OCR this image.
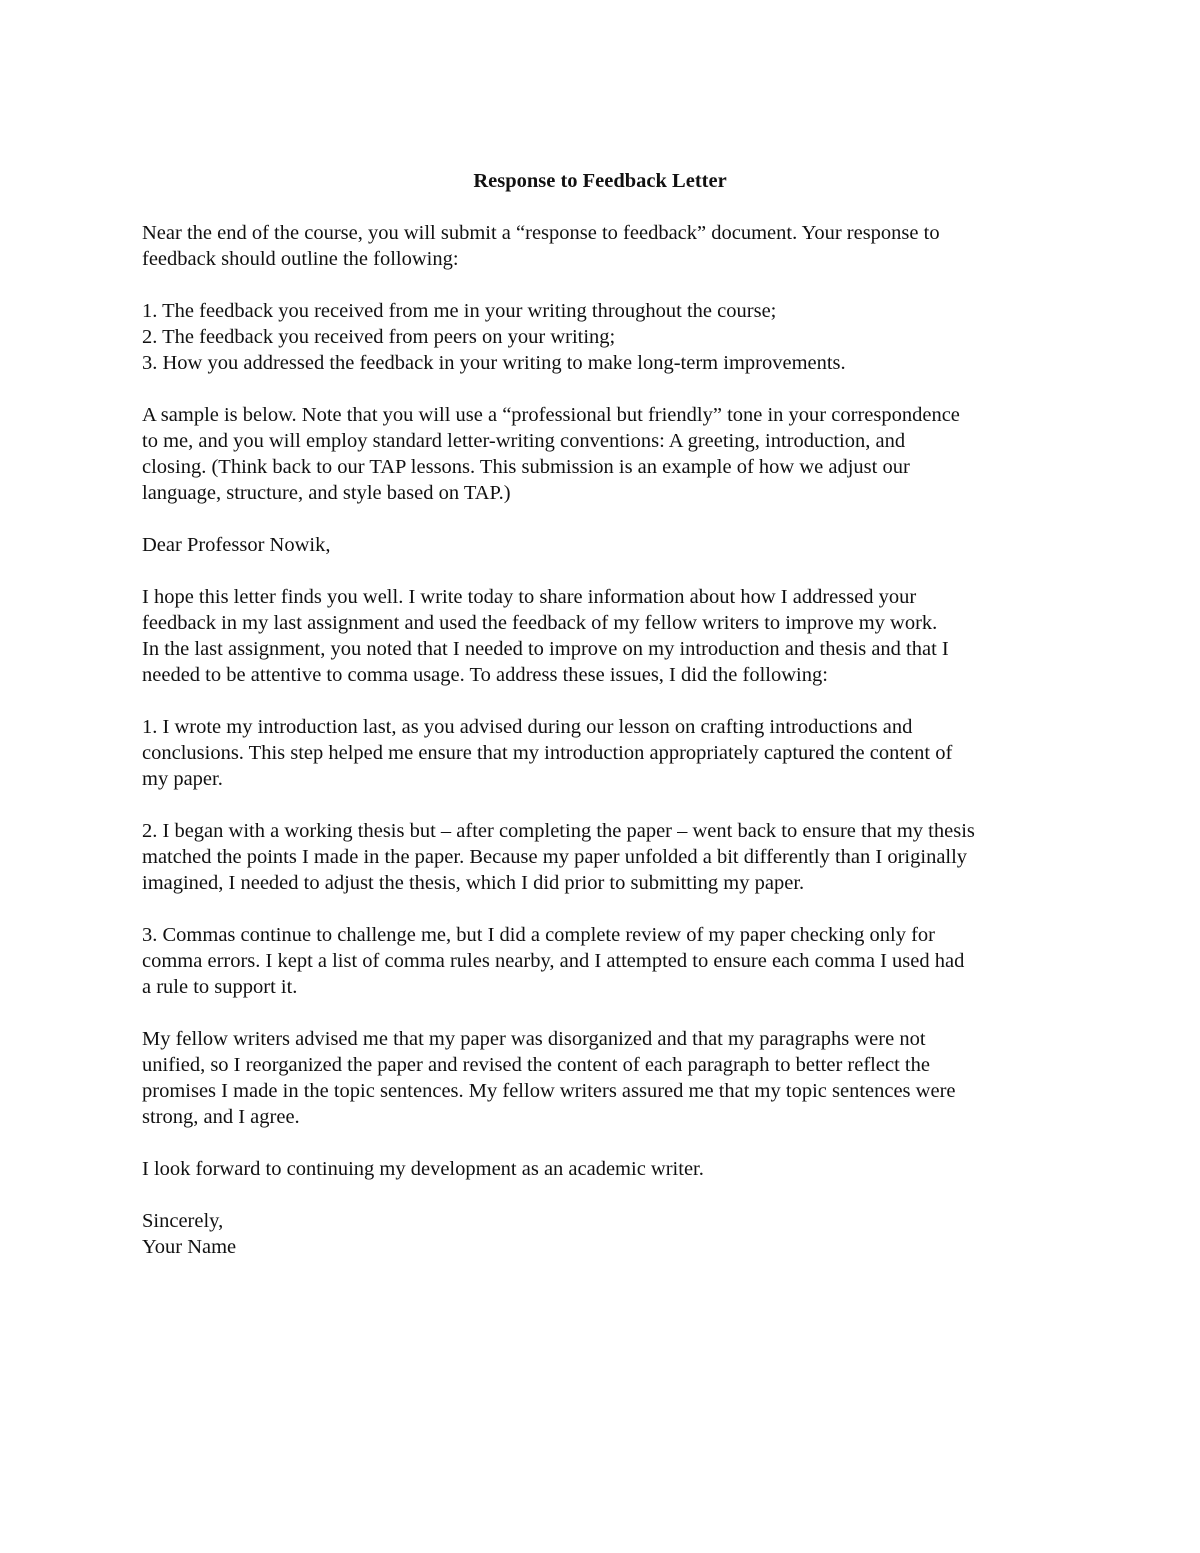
Response to Feedback Letter

Near the end of the course, you will submit a “response to feedback” document. Your response to
feedback should outline the following:

1. The feedback you received from me in your writing throughout the course;
2. The feedback you received from peers on your writing;
3. How you addressed the feedback in your writing to make long-term improvements.

A sample is below. Note that you will use a “professional but friendly” tone in your correspondence
to me, and you will employ standard letter-writing conventions: A greeting, introduction, and
closing. (Think back to our TAP lessons. This submission is an example of how we adjust our
language, structure, and style based on TAP.)

Dear Professor Nowik,

I hope this letter finds you well. I write today to share information about how I addressed your
feedback in my last assignment and used the feedback of my fellow writers to improve my work.
In the last assignment, you noted that I needed to improve on my introduction and thesis and that I
needed to be attentive to comma usage. To address these issues, I did the following:

1. I wrote my introduction last, as you advised during our lesson on crafting introductions and
conclusions. This step helped me ensure that my introduction appropriately captured the content of
my paper.

2. I began with a working thesis but – after completing the paper – went back to ensure that my thesis
matched the points I made in the paper. Because my paper unfolded a bit differently than I originally
imagined, I needed to adjust the thesis, which I did prior to submitting my paper.

3. Commas continue to challenge me, but I did a complete review of my paper checking only for
comma errors. I kept a list of comma rules nearby, and I attempted to ensure each comma I used had
a rule to support it.

My fellow writers advised me that my paper was disorganized and that my paragraphs were not
unified, so I reorganized the paper and revised the content of each paragraph to better reflect the
promises I made in the topic sentences. My fellow writers assured me that my topic sentences were
strong, and I agree.

I look forward to continuing my development as an academic writer.

Sincerely,

Your Name
